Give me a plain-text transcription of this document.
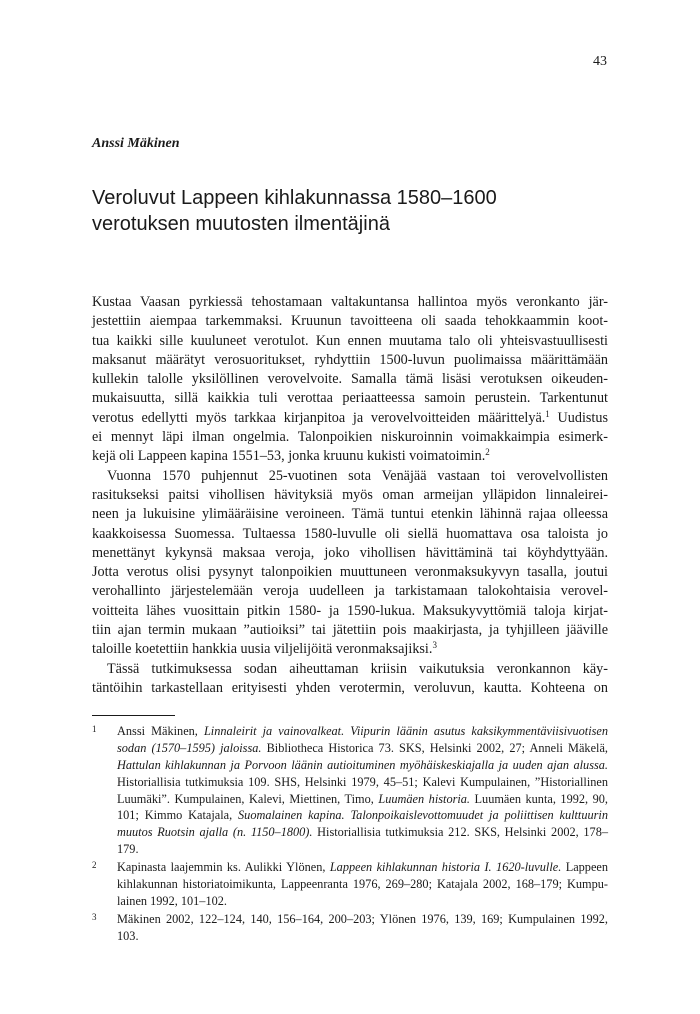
43
Anssi Mäkinen
Veroluvut Lappeen kihlakunnassa 1580–1600
verotuksen muutosten ilmentäjinä
Kustaa Vaasan pyrkiessä tehostamaan valtakuntansa hallintoa myös veronkanto jär-
jestettiin aiempaa tarkemmaksi. Kruunun tavoitteena oli saada tehokkaammin koot-
tua kaikki sille kuuluneet verotulot. Kun ennen muutama talo oli yhteisvastuullisesti
maksanut määrätyt verosuoritukset, ryhdyttiin 1500-luvun puolimaissa määrittämään
kullekin talolle yksilöllinen verovelvoite. Samalla tämä lisäsi verotuksen oikeuden-
mukaisuutta, sillä kaikkia tuli verottaa periaatteessa samoin perustein. Tarkentunut
verotus edellytti myös tarkkaa kirjanpitoa ja verovelvoitteiden määrittelyä.$^1$ Uudistus
ei mennyt läpi ilman ongelmia. Talonpoikien niskuroinnin voimakkaimpia esimerk-
kejä oli Lappeen kapina 1551–53, jonka kruunu kukisti voimatoimin.$^2$
Vuonna 1570 puhjennut 25-vuotinen sota Venäjää vastaan toi verovelvollisten
rasitukseksi paitsi vihollisen hävityksiä myös oman armeijan ylläpidon linnaleirei-
neen ja lukuisine ylimääräisine veroineen. Tämä tuntui etenkin lähinnä rajaa olleessa
kaakkoisessa Suomessa. Tultaessa 1580-luvulle oli siellä huomattava osa taloista jo
menettänyt kykynsä maksaa veroja, joko vihollisen hävittäminä tai köyhdyttyään.
Jotta verotus olisi pysynyt talonpoikien muuttuneen veronmaksukyvyn tasalla, joutui
verohallinto järjestelemään veroja uudelleen ja tarkistamaan talokohtaisia verovel-
voitteita lähes vuosittain pitkin 1580- ja 1590-lukua. Maksukyvyttömiä taloja kirjat-
tiin ajan termin mukaan ”autioiksi” tai jätettiin pois maakirjasta, ja tyhjilleen jääville
taloille koetettiin hankkia uusia viljelijöitä veronmaksajiksi.$^3$
Tässä tutkimuksessa sodan aiheuttaman kriisin vaikutuksia veronkannon käy-
täntöihin tarkastellaan erityisesti yhden verotermin, veroluvun, kautta. Kohteena on
1 Anssi Mäkinen, Linnaleirit ja vainovalkeat. Viipurin läänin asutus kaksikymmentäviisivuotisen
sodan (1570–1595) jaloissa. Bibliotheca Historica 73. SKS, Helsinki 2002, 27; Anneli Mäkelä,
Hattulan kihlakunnan ja Porvoon läänin autioituminen myöhäiskeskiajalla ja uuden ajan alussa.
Historiallisia tutkimuksia 109. SHS, Helsinki 1979, 45–51; Kalevi Kumpulainen, ”Historiallinen
Luumäki”. Kumpulainen, Kalevi, Miettinen, Timo, Luumäen historia. Luumäen kunta, 1992, 90,
101; Kimmo Katajala, Suomalainen kapina. Talonpoikaislevottomuudet ja poliittisen kulttuurin
muutos Ruotsin ajalla (n. 1150–1800). Historiallisia tutkimuksia 212. SKS, Helsinki 2002, 178–
179.
2 Kapinasta laajemmin ks. Aulikki Ylönen, Lappeen kihlakunnan historia I. 1620-luvulle. Lappeen
kihlakunnan historiatoimikunta, Lappeenranta 1976, 269–280; Katajala 2002, 168–179; Kumpu-
lainen 1992, 101–102.
3 Mäkinen 2002, 122–124, 140, 156–164, 200–203; Ylönen 1976, 139, 169; Kumpulainen 1992,
103.
